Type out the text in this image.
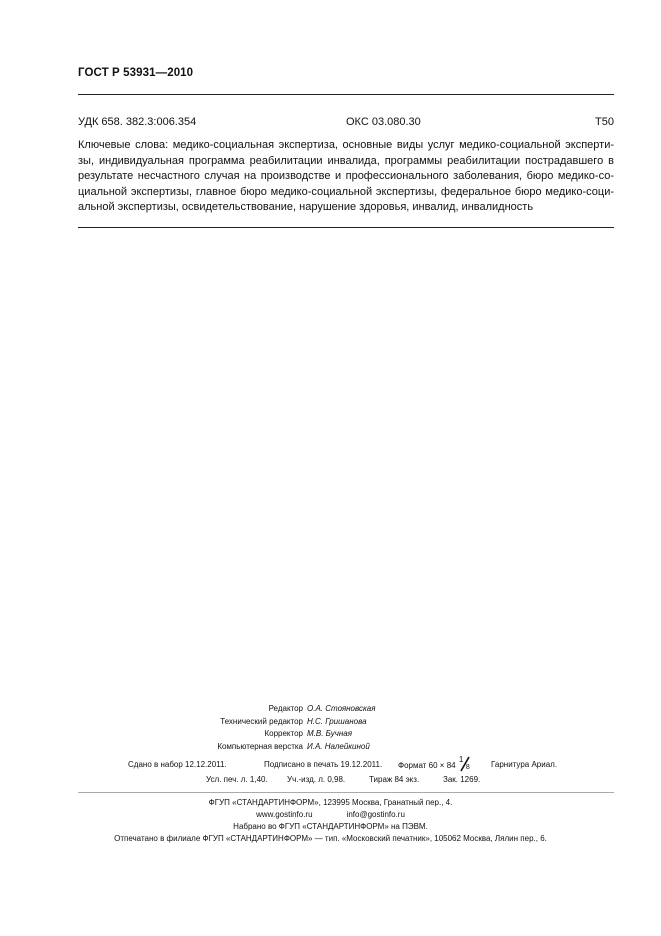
ГОСТ Р 53931—2010
УДК 658. 382.3:006.354	ОКС 03.080.30	Т50
Ключевые слова: медико-социальная экспертиза, основные виды услуг медико-социальной эксперти-
зы, индивидуальная программа реабилитации инвалида, программы реабилитации пострадавшего в
результате несчастного случая на производстве и профессионального заболевания, бюро медико-со-
циальной экспертизы, главное бюро медико-социальной экспертизы, федеральное бюро медико-соци-
альной экспертизы, освидетельствование, нарушение здоровья, инвалид, инвалидность
Редактор О.А. Стояновская
Технический редактор Н.С. Гришанова
Корректор М.В. Бучная
Компьютерная верстка И.А. Налейкиной
Сдано в набор 12.12.2011.	Подписано в печать 19.12.2011. Формат 60 × 84
1
8	Гарнитура Ариал.
Усл. печ. л. 1,40. Уч.-изд. л. 0,98.	Тираж 84 экз.	Зак. 1269.
ФГУП «СТАНДАРТИНФОРМ», 123995 Москва, Гранатный пер., 4.
www.gostinfo.ru	info@gostinfo.ru
Набрано во ФГУП «СТАНДАРТИНФОРМ» на ПЭВМ.
Отпечатано в филиале ФГУП «СТАНДАРТИНФОРМ» — тип. «Московский печатник», 105062 Москва, Лялин пер., 6.
